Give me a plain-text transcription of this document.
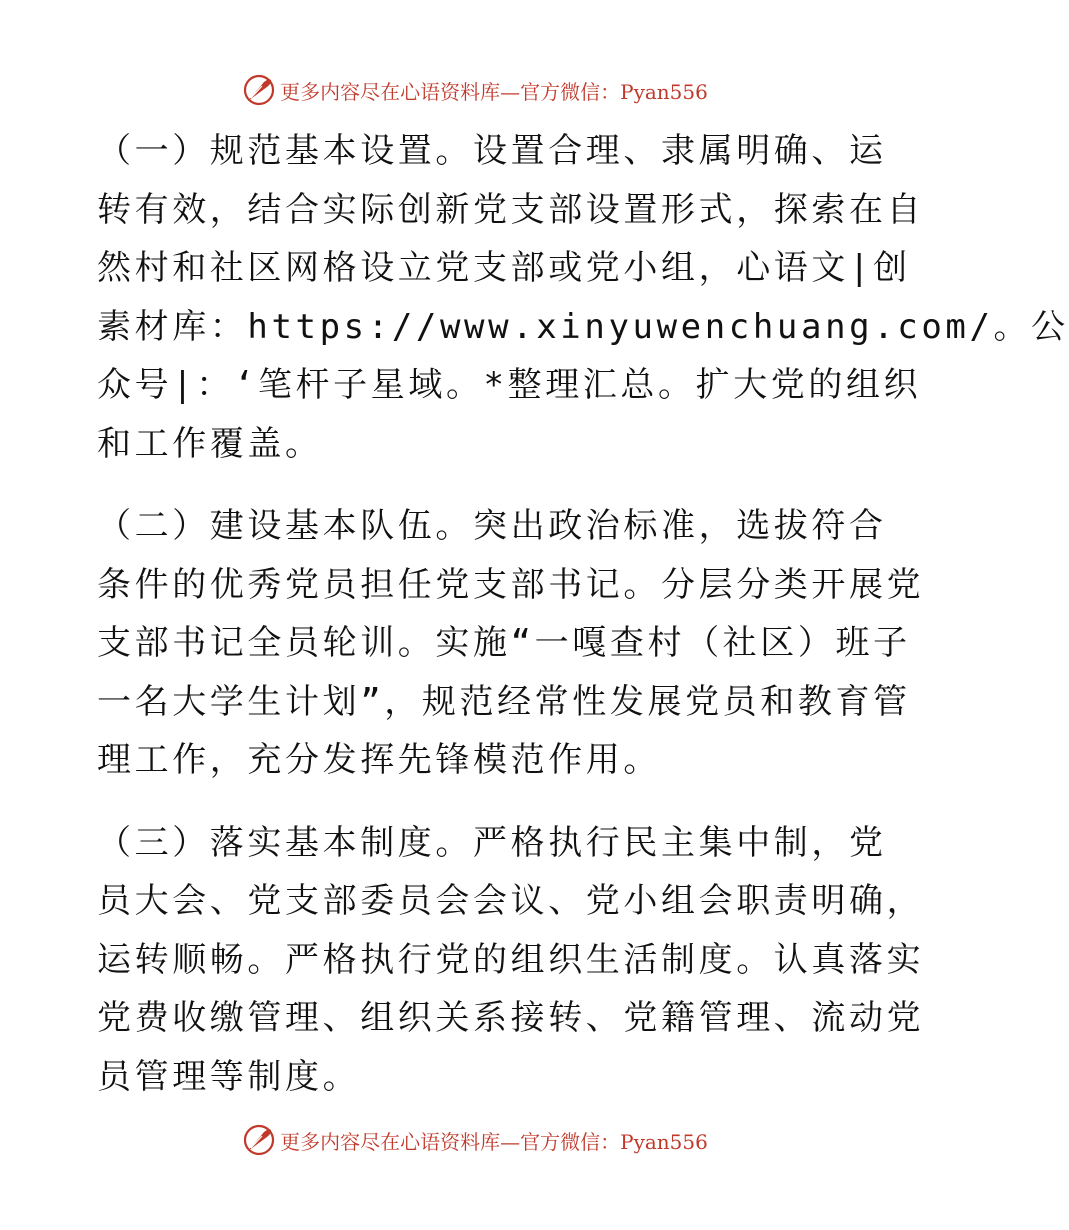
更多内容尽在心语资料库— 官方微信：Pyan556

（一）规范基本设置。设置合理、隶属明确、运
转有效，结合实际创新党支部设置形式，探索在自
然村和社区网格设立党支部或党小组，心语文|创
素材库：https://www.xinyuwenchuang.com/。公
众号|：‘笔杆子星域。*整理汇总。扩大党的组织
和工作覆盖。

（二）建设基本队伍。突出政治标准，选拔符合
条件的优秀党员担任党支部书记。分层分类开展党
支部书记全员轮训。实施“一嘎查村（社区）班子
一名大学生计划”，规范经常性发展党员和教育管
理工作，充分发挥先锋模范作用。

（三）落实基本制度。严格执行民主集中制，党
员大会、党支部委员会会议、党小组会职责明确，
运转顺畅。严格执行党的组织生活制度。认真落实
党费收缴管理、组织关系接转、党籍管理、流动党
员管理等制度。

更多内容尽在心语资料库— 官方微信：Pyan556
